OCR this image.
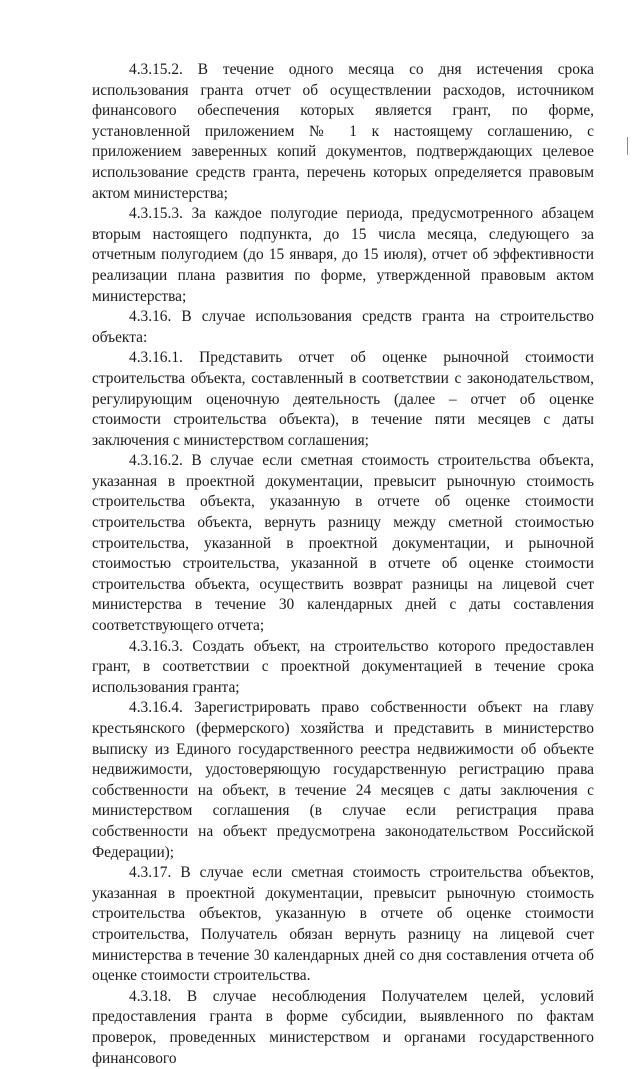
4.3.15.2. В течение одного месяца со дня истечения срока использования гранта отчет об осуществлении расходов, источником финансового обеспечения которых является грант, по форме, установленной приложением № 1 к настоящему соглашению, с приложением заверенных копий документов, подтверждающих целевое использование средств гранта, перечень которых определяется правовым актом министерства;

4.3.15.3. За каждое полугодие периода, предусмотренного абзацем вторым настоящего подпункта, до 15 числа месяца, следующего за отчетным полугодием (до 15 января, до 15 июля), отчет об эффективности реализации плана развития по форме, утвержденной правовым актом министерства;

4.3.16. В случае использования средств гранта на строительство объекта:

4.3.16.1. Представить отчет об оценке рыночной стоимости строительства объекта, составленный в соответствии с законодательством, регулирующим оценочную деятельность (далее – отчет об оценке стоимости строительства объекта), в течение пяти месяцев с даты заключения с министерством соглашения;

4.3.16.2. В случае если сметная стоимость строительства объекта, указанная в проектной документации, превысит рыночную стоимость строительства объекта, указанную в отчете об оценке стоимости строительства объекта, вернуть разницу между сметной стоимостью строительства, указанной в проектной документации, и рыночной стоимостью строительства, указанной в отчете об оценке стоимости строительства объекта, осуществить возврат разницы на лицевой счет министерства в течение 30 календарных дней с даты составления соответствующего отчета;

4.3.16.3. Создать объект, на строительство которого предоставлен грант, в соответствии с проектной документацией в течение срока использования гранта;

4.3.16.4. Зарегистрировать право собственности объект на главу крестьянского (фермерского) хозяйства и представить в министерство выписку из Единого государственного реестра недвижимости об объекте недвижимости, удостоверяющую государственную регистрацию права собственности на объект, в течение 24 месяцев с даты заключения с министерством соглашения (в случае если регистрация права собственности на объект предусмотрена законодательством Российской Федерации);

4.3.17. В случае если сметная стоимость строительства объектов, указанная в проектной документации, превысит рыночную стоимость строительства объектов, указанную в отчете об оценке стоимости строительства, Получатель обязан вернуть разницу на лицевой счет министерства в течение 30 календарных дней со дня составления отчета об оценке стоимости строительства.

4.3.18. В случае несоблюдения Получателем целей, условий предоставления гранта в форме субсидии, выявленного по фактам проверок, проведенных министерством и органами государственного финансового
